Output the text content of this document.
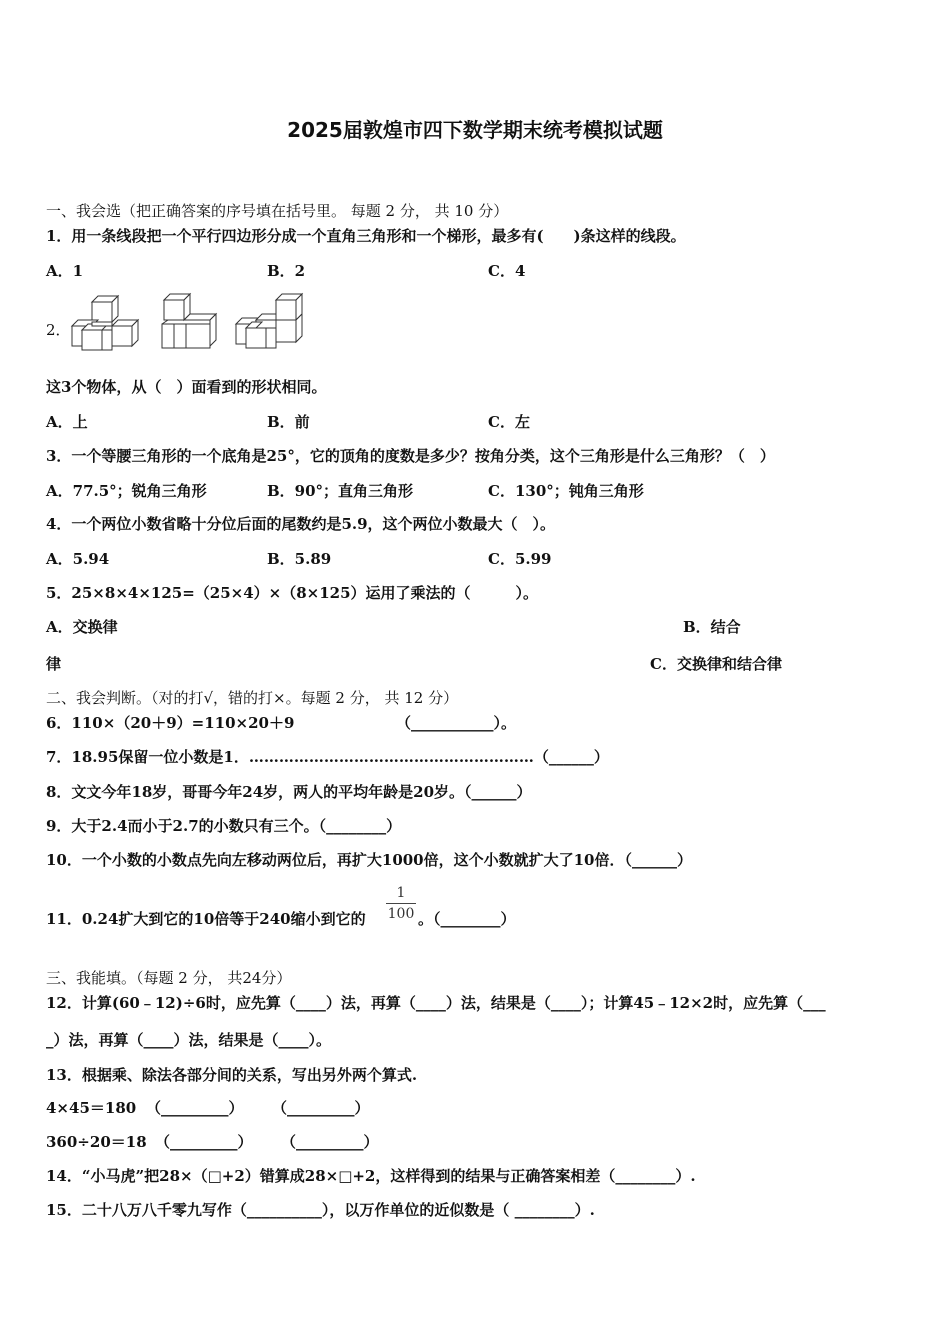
2025届敦煌市四下数学期末统考模拟试题
一、我会选（把正确答案的序号填在括号里。 每题 2 分， 共 10 分）
1．用一条线段把一个平行四边形分成一个直角三角形和一个梯形，最多有(　　)条这样的线段。
A．1	B．2	C．4
2．
这3个物体，从（　）面看到的形状相同。
A．上	B．前	C．左
3．一个等腰三角形的一个底角是25°，它的顶角的度数是多少？按角分类，这个三角形是什么三角形？（　）
A．77.5°；锐角三角形	B．90°；直角三角形	C．130°；钝角三角形
4．一个两位小数省略十分位后面的尾数约是5.9，这个两位小数最大（　）。
A．5.94	B．5.89	C．5.99
5．25×8×4×125=（25×4）×（8×125）运用了乘法的（　　　）。
A．交换律	B．结合
律	C．交换律和结合律
二、我会判断。（对的打√，错的打×。每题 2 分， 共 12 分）
6．110×（20＋9）=110×20＋9	（___________）。
7．18.95保留一位小数是1．…………………………………………………（______）
8．文文今年18岁，哥哥今年24岁，两人的平均年龄是20岁。（______）
9．大于2.4而小于2.7的小数只有三个。（________）
10．一个小数的小数点先向左移动两位后，再扩大1000倍，这个小数就扩大了10倍．（______）
11．0.24扩大到它的10倍等于240缩小到它的
1
100 。（________）
三、我能填。（每题 2 分， 共24分）
12．计算(60﹣12)÷6时，应先算（____）法，再算（____）法，结果是（____）；计算45﹣12×2时，应先算（___
_）法，再算（____）法，结果是（____）。
13．根据乘、除法各部分间的关系，写出另外两个算式.
4×45＝180 （_________） （_________）
360÷20＝18 （_________） （_________）
14．“小马虎”把28×（□+2）错算成28×□+2，这样得到的结果与正确答案相差（________）.
15．二十八万八千零九写作（__________），以万作单位的近似数是（ ________）.
